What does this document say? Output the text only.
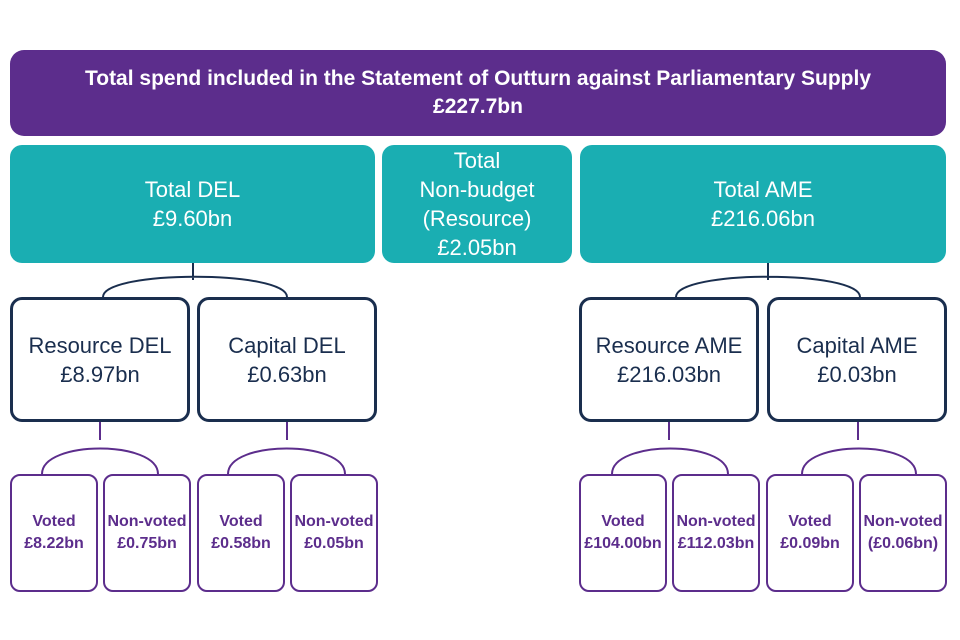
Total spend included in the Statement of Outturn against Parliamentary Supply
£227.7bn
Total DEL
£9.60bn
Total
Non-budget
(Resource)
£2.05bn
Total AME
£216.06bn
Resource DEL
£8.97bn
Capital DEL
£0.63bn
Resource AME
£216.03bn
Capital AME
£0.03bn
Voted
£8.22bn
Non-voted
£0.75bn
Voted
£0.58bn
Non-voted
£0.05bn
Voted
£104.00bn
Non-voted
£112.03bn
Voted
£0.09bn
Non-voted
(£0.06bn)
